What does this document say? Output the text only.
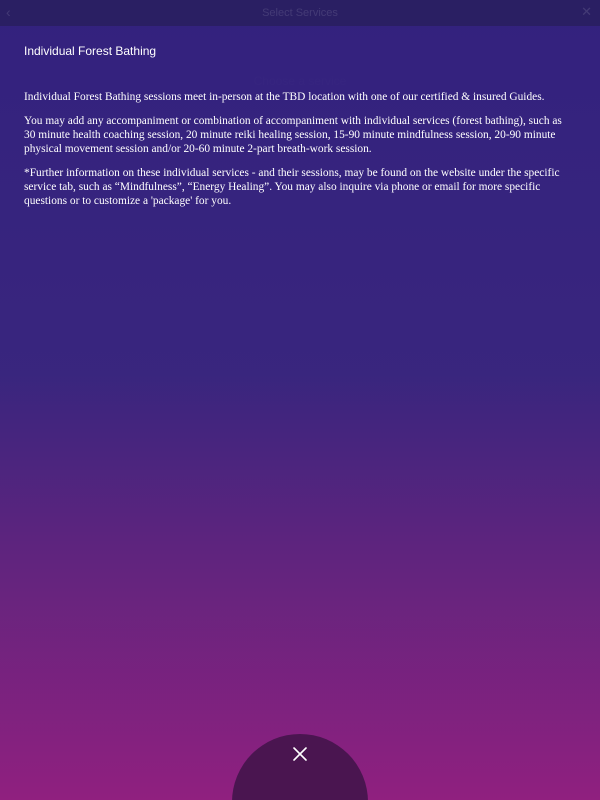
‹	Select Services	✕
Individual Forest Bathing

Individual Forest Bathing sessions meet in-person at the TBD location with one of our certified & insured Guides.

You may add any accompaniment or combination of accompaniment with individual services (forest bathing), such as 30 minute health coaching session, 20 minute reiki healing session, 15-90 minute mindfulness session, 20-90 minute physical movement session and/or 20-60 minute 2-part breath-work session.

*Further information on these individual services - and their sessions, may be found on the website under the specific service tab, such as “Mindfulness”, “Energy Healing”. You may also inquire via phone or email for more specific questions or to customize a 'package' for you.
